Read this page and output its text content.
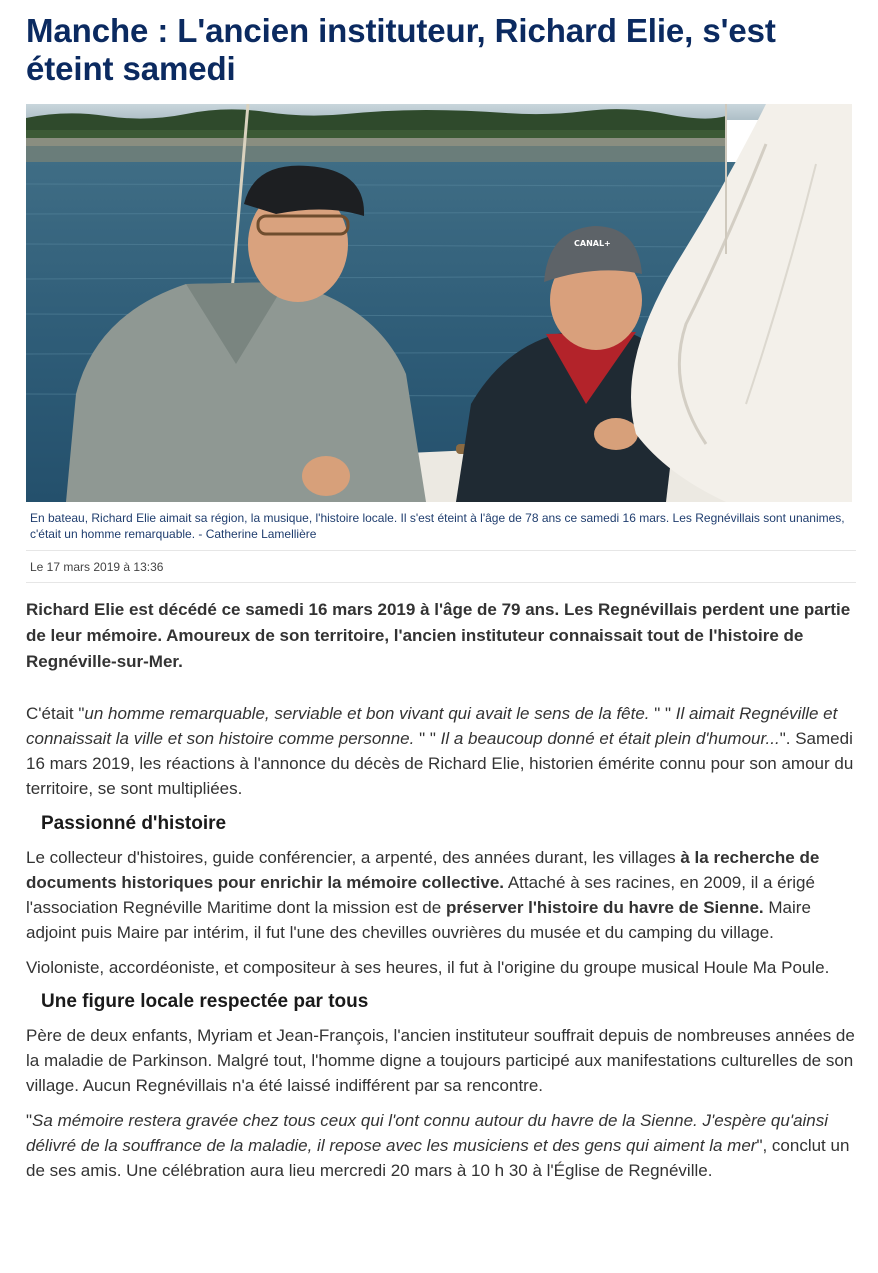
Manche : L'ancien instituteur, Richard Elie, s'est éteint samedi
CANAL+
En bateau, Richard Elie aimait sa région, la musique, l'histoire locale. Il s'est éteint à l'âge de 78 ans ce samedi 16 mars. Les Regnévillais sont unanimes, c'était un homme remarquable. - Catherine Lamellière
Le 17 mars 2019 à 13:36

Richard Elie est décédé ce samedi 16 mars 2019 à l'âge de 79 ans. Les Regnévillais perdent une partie de leur mémoire. Amoureux de son territoire, l'ancien instituteur connaissait tout de l'histoire de Regnéville-sur-Mer.

C'était "un homme remarquable, serviable et bon vivant qui avait le sens de la fête. " " Il aimait Regnéville et connaissait la ville et son histoire comme personne. " " Il a beaucoup donné et était plein d'humour...". Samedi 16 mars 2019, les réactions à l'annonce du décès de Richard Elie, historien émérite connu pour son amour du territoire, se sont multipliées.

Passionné d'histoire

Le collecteur d'histoires, guide conférencier, a arpenté, des années durant, les villages à la recherche de documents historiques pour enrichir la mémoire collective. Attaché à ses racines, en 2009, il a érigé l'association Regnéville Maritime dont la mission est de préserver l'histoire du havre de Sienne. Maire adjoint puis Maire par intérim, il fut l'une des chevilles ouvrières du musée et du camping du village.

Violoniste, accordéoniste, et compositeur à ses heures, il fut à l'origine du groupe musical Houle Ma Poule.

Une figure locale respectée par tous

Père de deux enfants, Myriam et Jean-François, l'ancien instituteur souffrait depuis de nombreuses années de la maladie de Parkinson. Malgré tout, l'homme digne a toujours participé aux manifestations culturelles de son village. Aucun Regnévillais n'a été laissé indifférent par sa rencontre.

"Sa mémoire restera gravée chez tous ceux qui l'ont connu autour du havre de la Sienne. J'espère qu'ainsi délivré de la souffrance de la maladie, il repose avec les musiciens et des gens qui aiment la mer", conclut un de ses amis. Une célébration aura lieu mercredi 20 mars à 10 h 30 à l'Église de Regnéville.
